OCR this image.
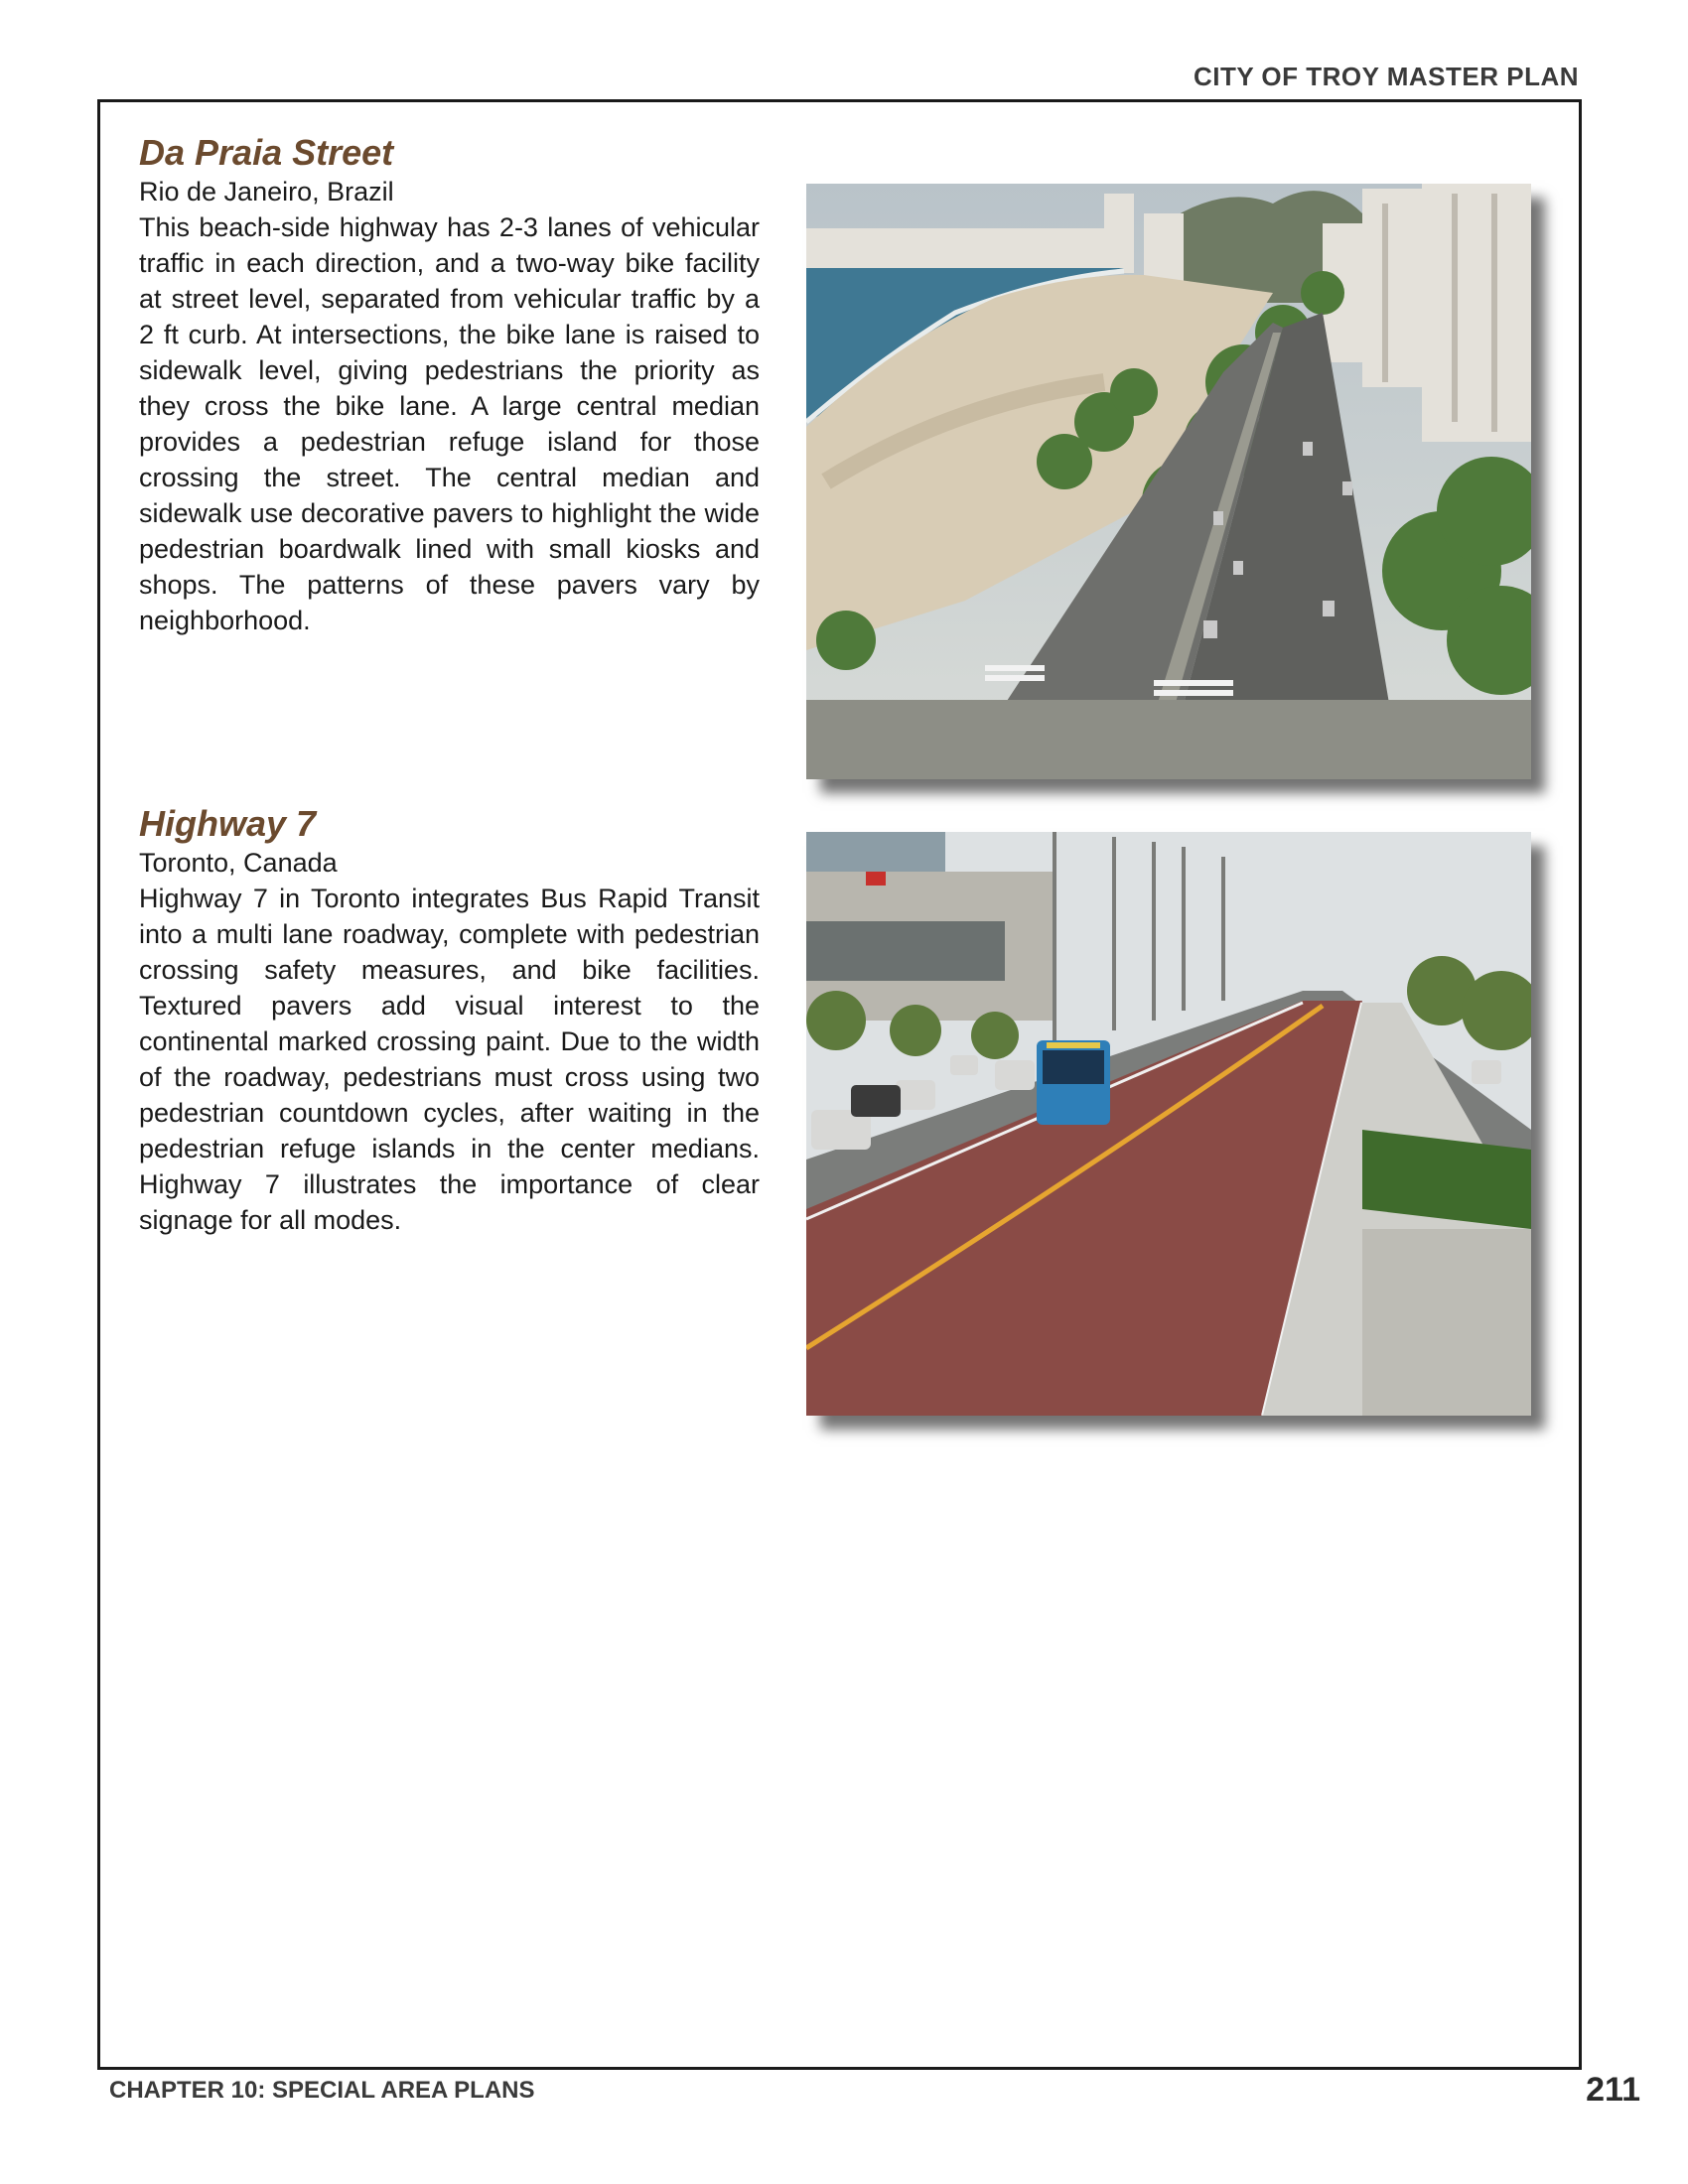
CITY OF TROY MASTER PLAN
Da Praia Street

Rio de Janeiro, Brazil

This beach-side highway has 2-3 lanes of vehicular traffic in each direction, and a two-way bike facility at street level, separated from vehicular traffic by a 2 ft curb. At intersections, the bike lane is raised to sidewalk level, giving pedestrians the priority as they cross the bike lane. A large central median provides a pedestrian refuge island for those crossing the street. The central median and sidewalk use decorative pavers to highlight the wide pedestrian boardwalk lined with small kiosks and shops. The patterns of these pavers vary by neighborhood.

Highway 7

Toronto, Canada

Highway 7 in Toronto integrates Bus Rapid Transit into a multi lane roadway, complete with pedestrian crossing safety measures, and bike facilities. Textured pavers add visual interest to the continental marked crossing paint. Due to the width of the roadway, pedestrians must cross using two pedestrian countdown cycles, after waiting in the pedestrian refuge islands in the center medians. Highway 7 illustrates the importance of clear signage for all modes.

CHAPTER 10: SPECIAL AREA PLANS	211
